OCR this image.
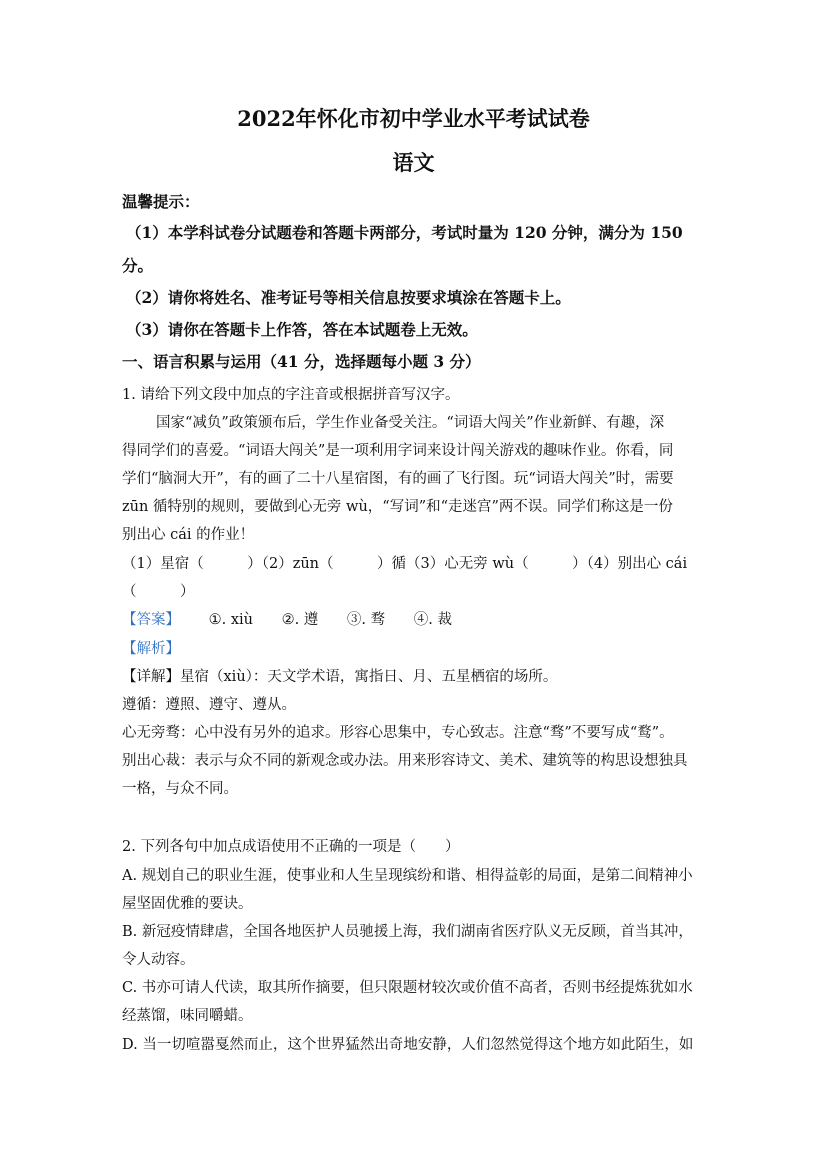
2022年怀化市初中学业水平考试试卷
语文
温馨提示：
（1）本学科试卷分试题卷和答题卡两部分，考试时量为 120 分钟，满分为 150
分。
（2）请你将姓名、准考证号等相关信息按要求填涂在答题卡上。
（3）请你在答题卡上作答，答在本试题卷上无效。
一、语言积累与运用（41 分，选择题每小题 3 分）
1. 请给下列文段中加点的字注音或根据拼音写汉字。
国家“减负”政策颁布后，学生作业备受关注。“词语大闯关”作业新鲜、有趣，深
得同学们的喜爱。“词语大闯关”是一项利用字词来设计闯关游戏的趣味作业。你看，同
学们“脑洞大开”，有的画了二十八星宿图，有的画了飞行图。玩“词语大闯关”时，需要
zūn 循特别的规则，要做到心无旁 wù，“写词”和“走迷宫”两不误。同学们称这是一份
别出心 cái 的作业！
（1）星宿（　　　）（2）zūn（　　　）循（3）心无旁 wù（　　　）（4）别出心 cái
（　　　）
【答案】 ①. xiù ②. 遵 ③. 骛 ④. 裁
【解析】
【详解】星宿（xiù）：天文学术语，寓指日、月、五星栖宿的场所。
遵循：遵照、遵守、遵从。
心无旁骛：心中没有另外的追求。形容心思集中，专心致志。注意“骛”不要写成“鹜”。
别出心裁：表示与众不同的新观念或办法。用来形容诗文、美术、建筑等的构思设想独具
一格，与众不同。
2. 下列各句中加点成语使用不正确的一项是（　　）
A. 规划自己的职业生涯，使事业和人生呈现缤纷和谐、相得益彰的局面，是第二间精神小
屋坚固优雅的要诀。
B. 新冠疫情肆虐，全国各地医护人员驰援上海，我们湖南省医疗队义无反顾，首当其冲，
令人动容。
C. 书亦可请人代读，取其所作摘要，但只限题材较次或价值不高者，否则书经提炼犹如水
经蒸馏，味同嚼蜡。
D. 当一切喧嚣戛然而止，这个世界猛然出奇地安静，人们忽然觉得这个地方如此陌生，如
